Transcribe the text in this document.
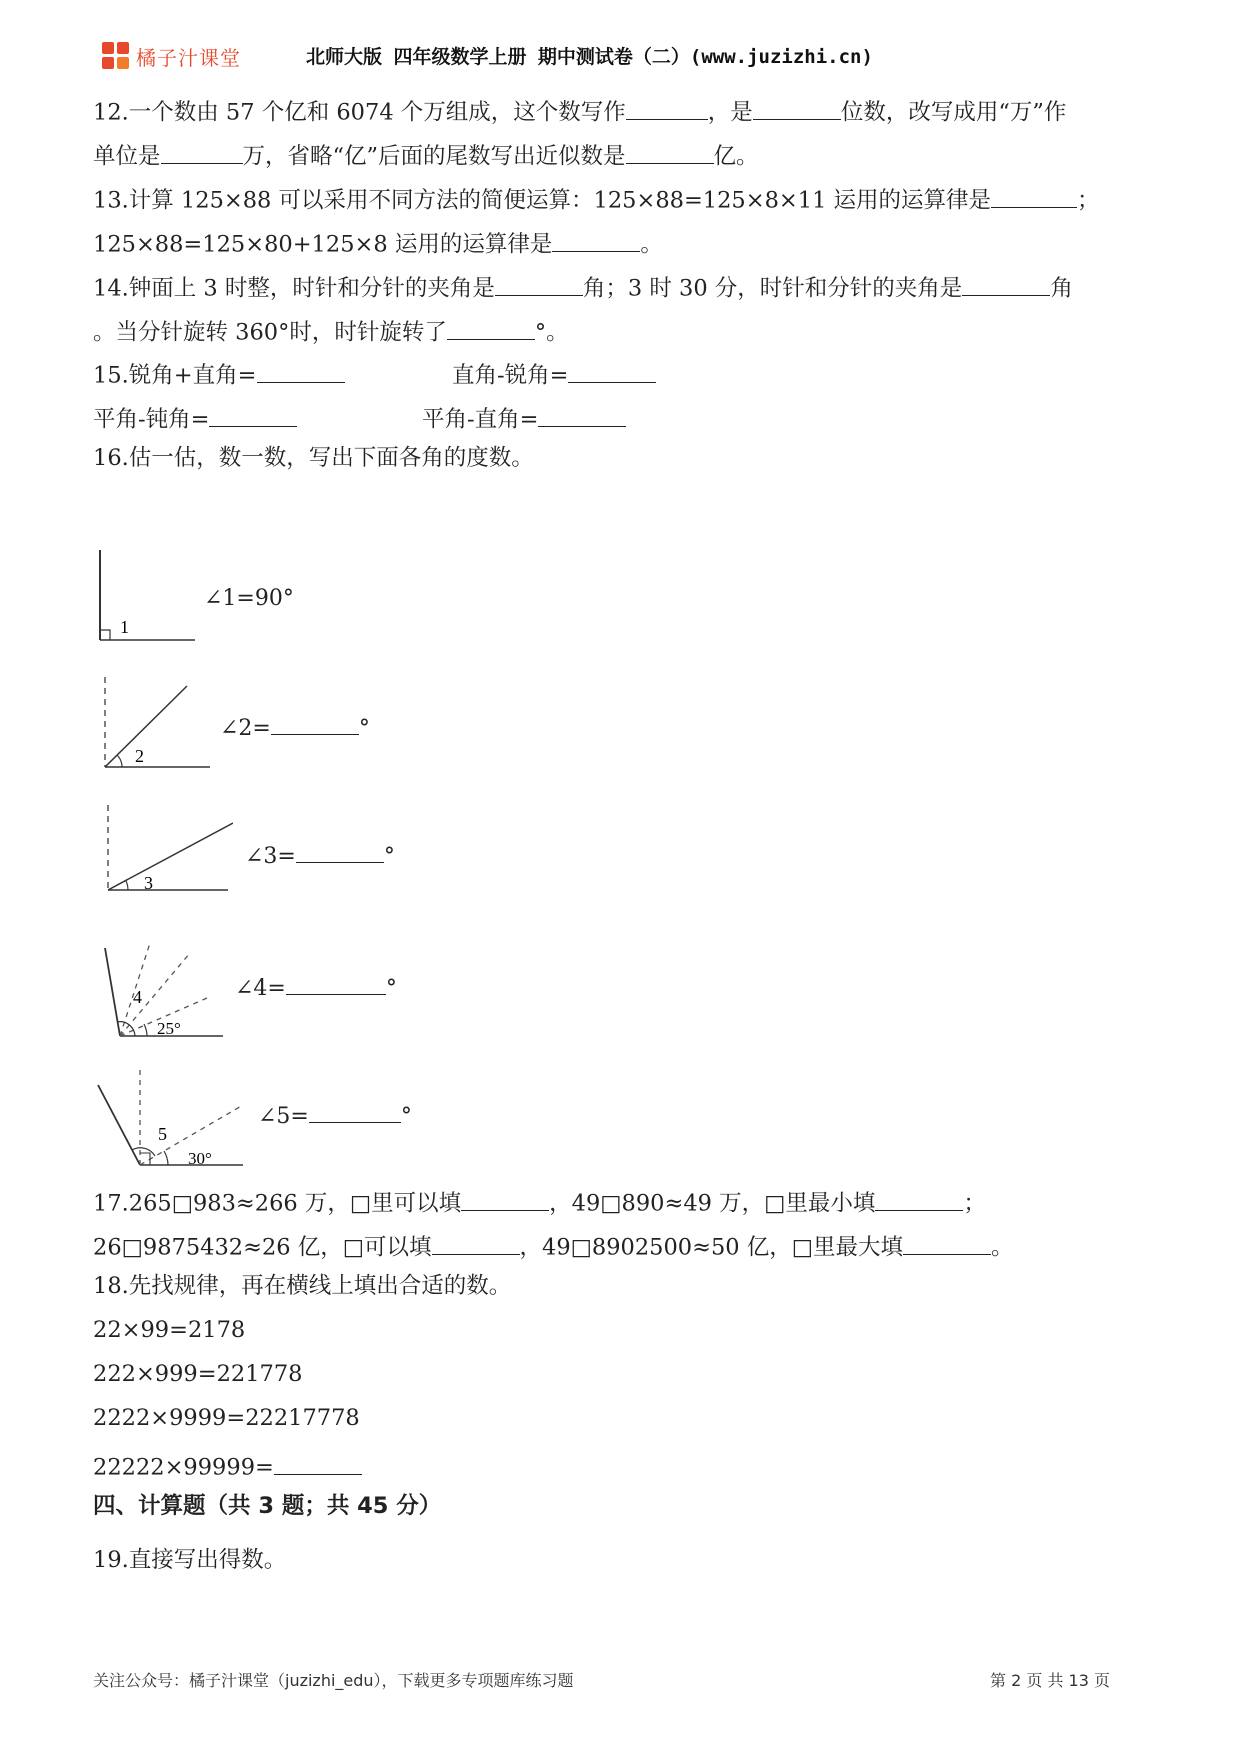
橘子汁课堂	北师大版 四年级数学上册 期中测试卷（二）(www.juzizhi.cn)
12.一个数由 57 个亿和 6074 个万组成，这个数写作	，是	位数，改写成用“万”作
单位是	万，省略“亿”后面的尾数写出近似数是	亿。
13.计算 125×88 可以采用不同方法的简便运算：125×88=125×8×11 运用的运算律是	；
125×88=125×80+125×8 运用的运算律是	。
14.钟面上 3 时整，时针和分针的夹角是	角；3 时 30 分，时针和分针的夹角是	角
。当分针旋转 360°时，时针旋转了	°。
15.锐角+直角=	直角-锐角=
平角-钝角=	平角-直角=
16.估一估，数一数，写出下面各角的度数。
1
∠1=90°
2
∠2=	°
3
∠3=	°
4
25°
∠4=	°
5
30°
∠5=	°
17.265□983≈266 万，□里可以填	，49□890≈49 万，□里最小填	；
26□9875432≈26 亿，□可以填	，49□8902500≈50 亿，□里最大填	。
18.先找规律，再在横线上填出合适的数。
22×99=2178
222×999=221778
2222×9999=22217778
22222×99999=
四、计算题（共 3 题；共 45 分）
19.直接写出得数。
关注公众号：橘子汁课堂（juzizhi_edu），下载更多专项题库练习题	第 2 页 共 13 页
